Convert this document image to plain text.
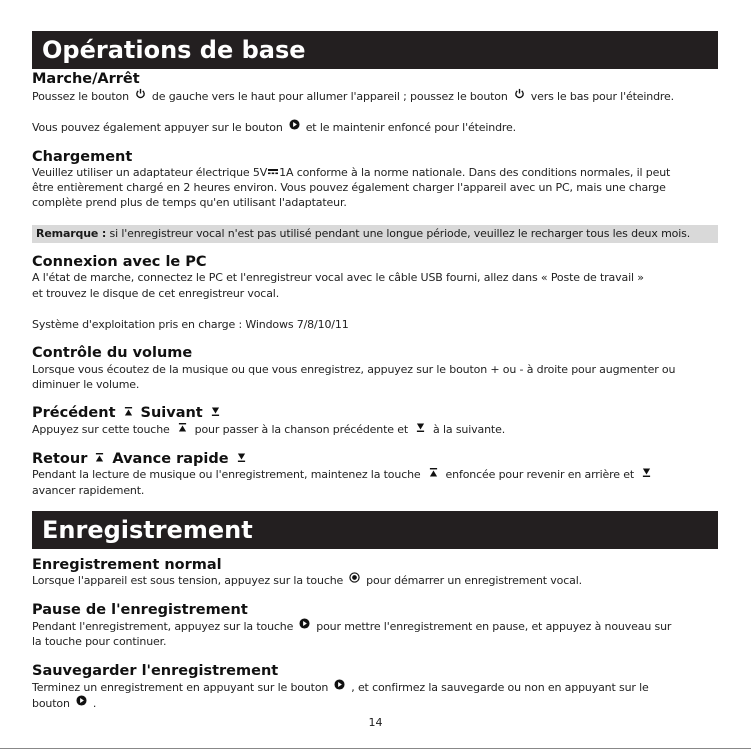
Opérations de base
Marche/Arrêt
Poussez le bouton de gauche vers le haut pour allumer l'appareil ; poussez le bouton vers le bas pour l'éteindre.
Vous pouvez également appuyer sur le bouton et le maintenir enfoncé pour l'éteindre.
Chargement
Veuillez utiliser un adaptateur électrique 5V 1A conforme à la norme nationale. Dans des conditions normales, il peut
être entièrement chargé en 2 heures environ. Vous pouvez également charger l'appareil avec un PC, mais une charge
complète prend plus de temps qu'en utilisant l'adaptateur.
Remarque : si l'enregistreur vocal n'est pas utilisé pendant une longue période, veuillez le recharger tous les deux mois.
Connexion avec le PC
A l'état de marche, connectez le PC et l'enregistreur vocal avec le câble USB fourni, allez dans « Poste de travail »
et trouvez le disque de cet enregistreur vocal.
Système d'exploitation pris en charge : Windows 7/8/10/11
Contrôle du volume
Lorsque vous écoutez de la musique ou que vous enregistrez, appuyez sur le bouton + ou - à droite pour augmenter ou
diminuer le volume.
Précédent Suivant
Appuyez sur cette touche pour passer à la chanson précédente et à la suivante.
Retour Avance rapide
Pendant la lecture de musique ou l'enregistrement, maintenez la touche enfoncée pour revenir en arrière et
avancer rapidement.
Enregistrement
Enregistrement normal
Lorsque l'appareil est sous tension, appuyez sur la touche pour démarrer un enregistrement vocal.
Pause de l'enregistrement
Pendant l'enregistrement, appuyez sur la touche pour mettre l'enregistrement en pause, et appuyez à nouveau sur
la touche pour continuer.
Sauvegarder l'enregistrement
Terminez un enregistrement en appuyant sur le bouton , et confirmez la sauvegarde ou non en appuyant sur le
bouton .
14
